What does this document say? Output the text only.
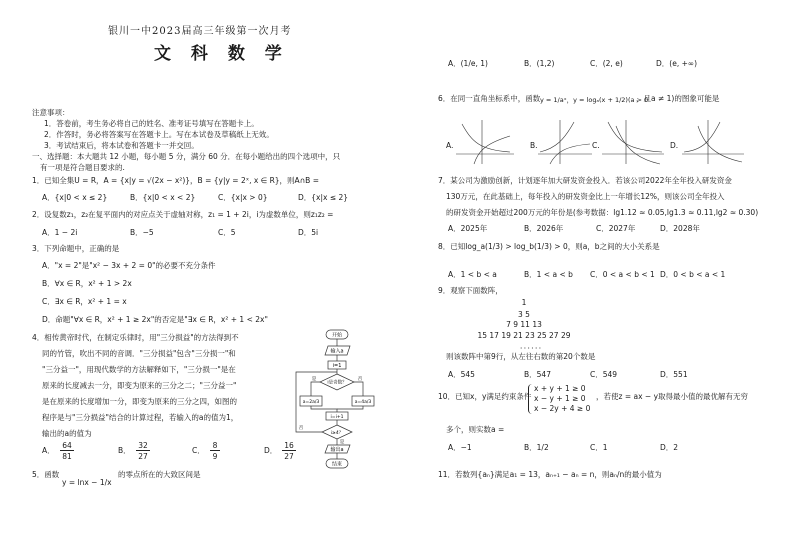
银川一中2023届高三年级第一次月考
文 科 数 学
注意事项：
1．答卷前，考生务必将自己的姓名、准考证号填写在答题卡上。
2．作答时，务必将答案写在答题卡上。写在本试卷及草稿纸上无效。
3．考试结束后，将本试卷和答题卡一并交回。
一、选择题：本大题共 12 小题，每小题 5 分，满分 60 分．在每小题给出的四个选项中，只
有一项是符合题目要求的.
1．已知全集U = R，A = {x|y = √(2x − x²)}，B = {y|y = 2ˣ, x ∈ R}，则A∩B =
A．{x|0 < x ≤ 2}	B．{x|0 < x < 2}	C．{x|x > 0}	D．{x|x ≤ 2}
2．设复数z₁，z₂在复平面内的对应点关于虚轴对称，z₁ = 1 + 2i，i为虚数单位，则z₁z₂ =
A．1 − 2i	B．−5	C．5	D．5i
3．下列命题中，正确的是
A．"x = 2"是"x² − 3x + 2 = 0"的必要不充分条件
B．∀x ∈ R，x² + 1 > 2x
C．∃x ∈ R，x² + 1 = x
D．命题"∀x ∈ R，x² + 1 ≥ 2x"的否定是"∃x ∈ R，x² + 1 < 2x"
4．相传黄帝时代，在制定乐律时，用"三分损益"的方法得到不
同的竹管，吹出不同的音调．"三分损益"包含"三分损一"和
"三分益一"，用现代数学的方法解释如下，"三分损一"是在
原来的长度减去一分，即变为原来的三分之二；"三分益一"
是在原来的长度增加一分，即变为原来的三分之四，如图的
程序是与"三分损益"结合的计算过程，若输入的a的值为1，
输出的a的值为
A．
64
81
B．
32
27
C．
8
9
D．
16
27
5．函数
y = lnx − 1/x
的零点所在的大致区间是
开始
输入a
i=1
i是奇数？
是	否
a=2a/3	a=4a/3
i=i+1
i≥4？
否
是
输出a
结束
A．(1/e, 1)	B．(1,2)	C．(2, e)	D．(e, +∞)
6．在同一直角坐标系中，函数 y = 1/aˣ，y = logₐ(x + 1/2)(a > 0
，且a ≠ 1)的图象可能是
A.	B.	C.	D.
7．某公司为激励创新，计划逐年加大研发资金投入．若该公司2022年全年投入研发资金
130万元，在此基础上，每年投入的研发资金比上一年增长12%，则该公司全年投入
的研发资金开始超过200万元的年份是(参考数据：lg1.12 ≈ 0.05,lg1.3 ≈ 0.11,lg2 ≈ 0.30)
A．2025年	B．2026年	C．2027年	D．2028年
8．已知log_a(1/3) > log_b(1/3) > 0，则a，b之间的大小关系是
A．1 < b < a	B．1 < a < b C．0 < a < b < 1 D．0 < b < a < 1
9．观察下面数阵，
1
3 5
7 9 11 13
15 17 19 21 23 25 27 29
．．．．．．
则该数阵中第9行，从左往右数的第20个数是
A．545	B．547	C．549	D．551
10．已知x，y满足约束条件
x + y + 1 ≥ 0
x − y + 1 ≥ 0
x − 2y + 4 ≥ 0
，若使z = ax − y取得最小值的最优解有无穷
多个，则实数a =
A．−1	B．1/2	C．1	D．2
11．若数列{aₙ}满足a₁ = 13，aₙ₊₁ − aₙ = n，则aₙ/n的最小值为
